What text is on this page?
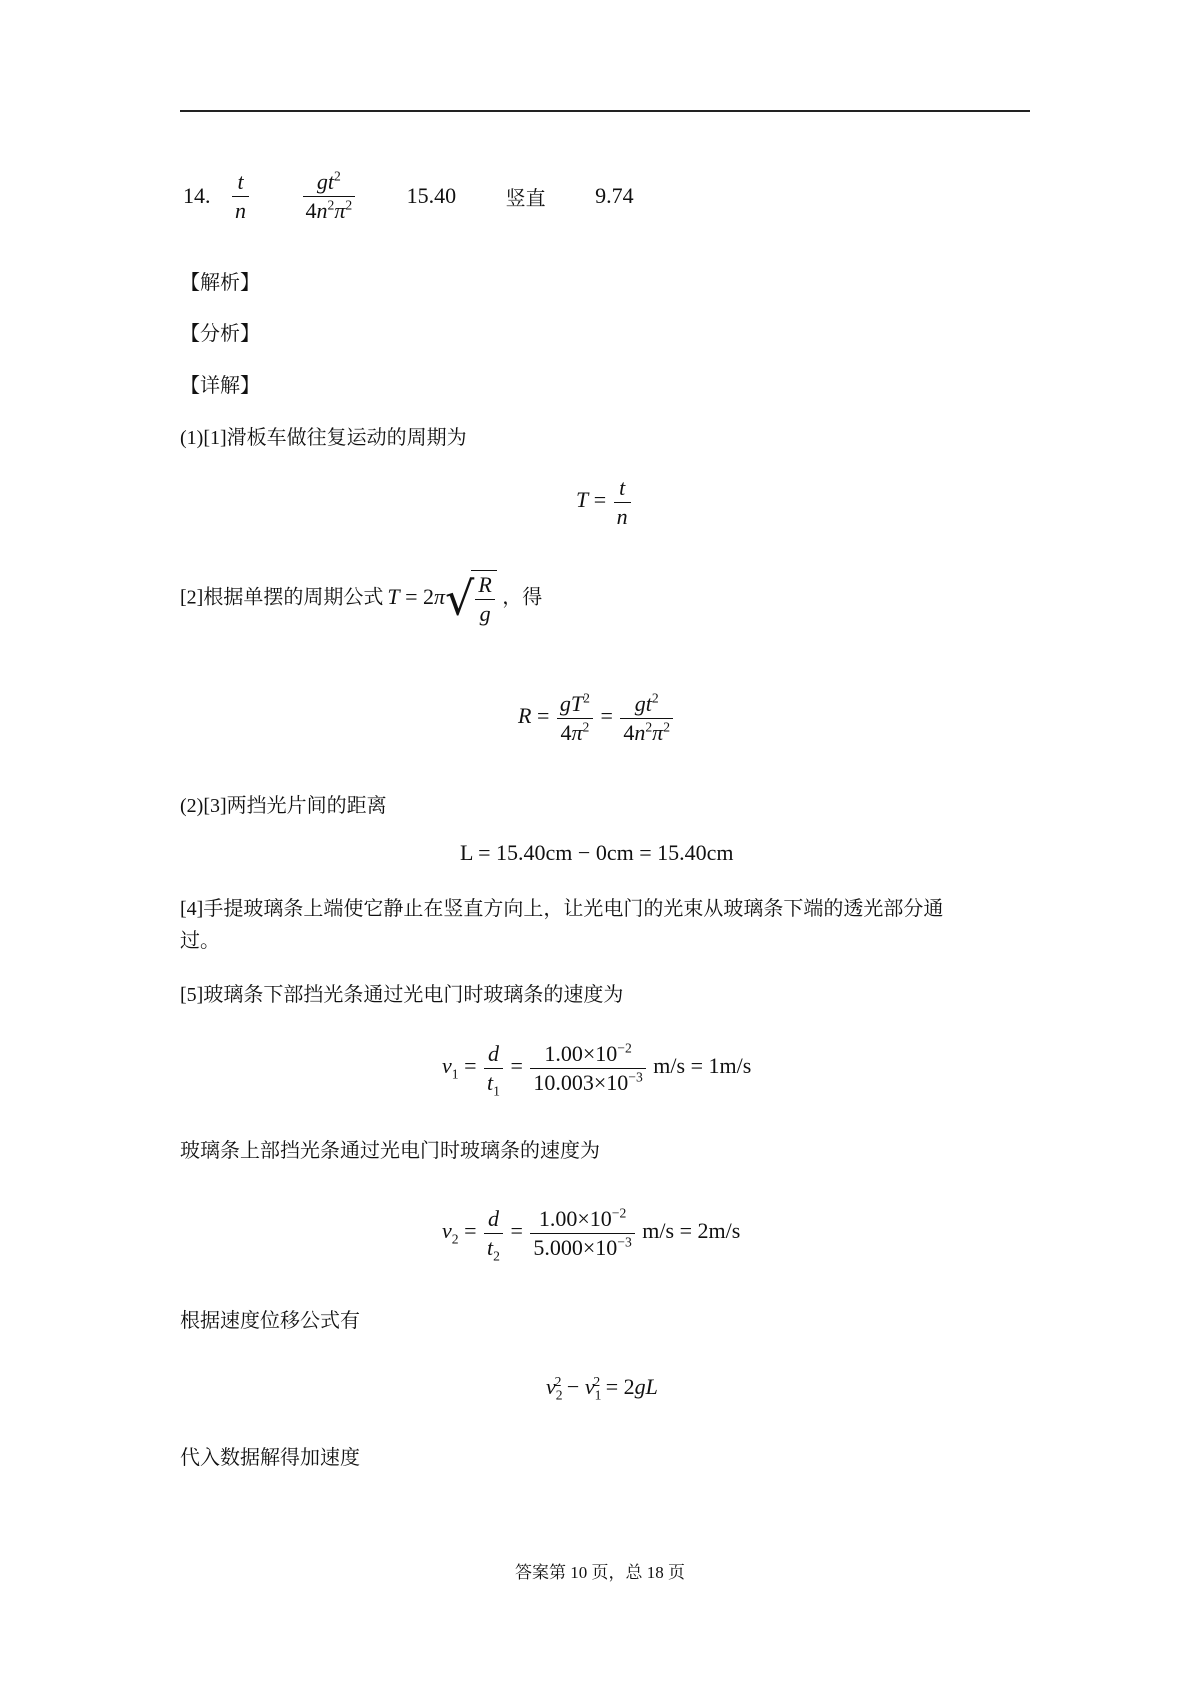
14. $\frac{t}{n}$
$\frac{gt^2}{4n^2\pi^2} 15.40$ 竖直 9.74
【解析】
【分析】
【详解】
(1)[1]滑板车做往复运动的周期为
$T = \frac{t}{n}$
[2]根据单摆的周期公式 $T = 2\pi√ \frac{R}{g}$ ，得
$R = \frac{gT^2}{4\pi^2} = \frac{gt^2}{4n^2\pi^2}$
(2)[3]两挡光片间的距离
L = 15.40cm − 0cm = 15.40cm
[4]手提玻璃条上端使它静止在竖直方向上，让光电门的光束从玻璃条下端的透光部分通
过。
[5]玻璃条下部挡光条通过光电门时玻璃条的速度为
$v_1 = \frac{d}{t_1} = \frac{1.00\times 10^{-2}}{10.003\times 10^{-3}} m/s = 1m/s$
玻璃条上部挡光条通过光电门时玻璃条的速度为
$v_2 = \frac{d}{t_2} = \frac{1.00\times 10^{-2}}{5.000\times 10^{-3}} m/s = 2m/s$
根据速度位移公式有
$v_2^2 - v_1^2 = 2gL$
代入数据解得加速度
答案第 10 页，总 18 页
